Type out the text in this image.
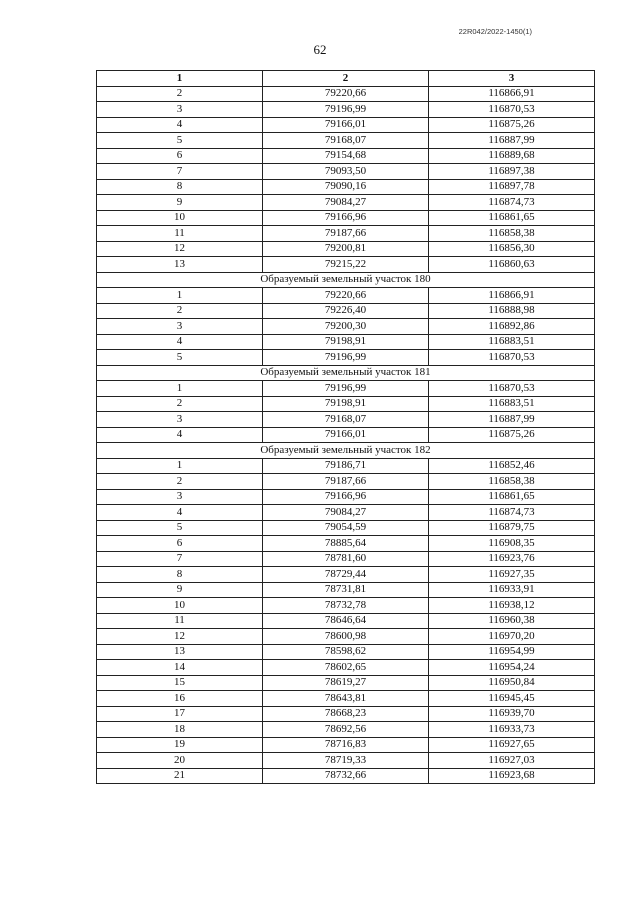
22R042/2022-1450(1)
62
1	2	3
2	79220,66	116866,91
3	79196,99	116870,53
4	79166,01	116875,26
5	79168,07	116887,99
6	79154,68	116889,68
7	79093,50	116897,38
8	79090,16	116897,78
9	79084,27	116874,73
10	79166,96	116861,65
11	79187,66	116858,38
12	79200,81	116856,30
13	79215,22	116860,63
Образуемый земельный участок 180		
1	79220,66	116866,91
2	79226,40	116888,98
3	79200,30	116892,86
4	79198,91	116883,51
5	79196,99	116870,53
Образуемый земельный участок 181		
1	79196,99	116870,53
2	79198,91	116883,51
3	79168,07	116887,99
4	79166,01	116875,26
Образуемый земельный участок 182		
1	79186,71	116852,46
2	79187,66	116858,38
3	79166,96	116861,65
4	79084,27	116874,73
5	79054,59	116879,75
6	78885,64	116908,35
7	78781,60	116923,76
8	78729,44	116927,35
9	78731,81	116933,91
10	78732,78	116938,12
11	78646,64	116960,38
12	78600,98	116970,20
13	78598,62	116954,99
14	78602,65	116954,24
15	78619,27	116950,84
16	78643,81	116945,45
17	78668,23	116939,70
18	78692,56	116933,73
19	78716,83	116927,65
20	78719,33	116927,03
21	78732,66	116923,68
